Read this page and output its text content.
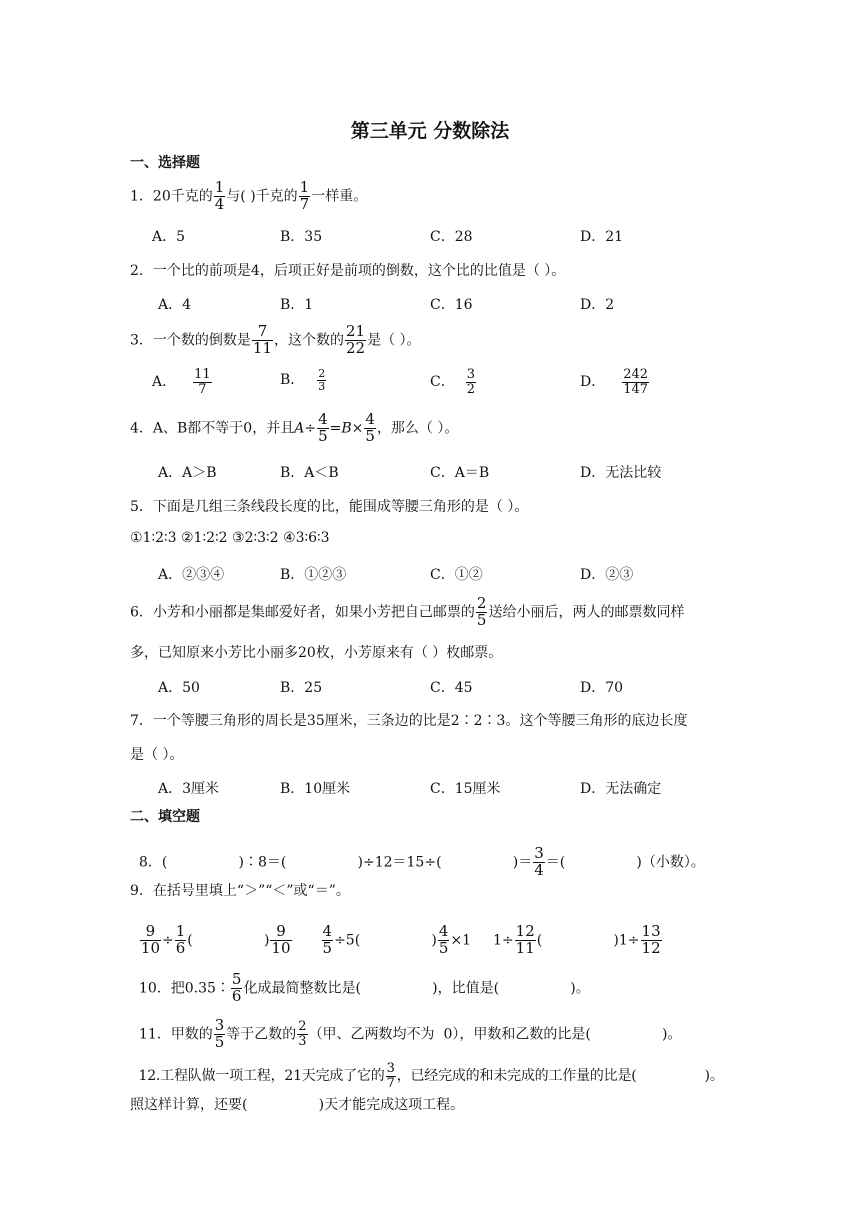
第三单元 分数除法
一、选择题
1．20千克的 $\frac{1}{4}$ 与( )千克的 $\frac{1}{7}$ 一样重。
A．5	B．35	C．28	D．21
2．一个比的前项是4，后项正好是前项的倒数，这个比的比值是（ ）。
A．4	B．1	C．16	D．2
3．一个数的倒数是 $\frac{7}{11}$ ，这个数的 $\frac{21}{22}$ 是（ ）。
A． $\frac{11}{7}$	B． $\frac{2}{3}$	C． $\frac{3}{2}$	D． $\frac{242}{147}$
4．A、B都不等于0，并且$A\div \frac{4}{5} =B\times \frac{4}{5}$ ，那么（ ）。
A．A＞B	B．A＜B	C．A＝B	D．无法比较
5．下面是几组三条线段长度的比，能围成等腰三角形的是（ ）。
①1∶2∶3 ②1∶2∶2 ③2∶3∶2 ④3∶6∶3
A．②③④	B．①②③	C．①②	D．②③
6．小芳和小丽都是集邮爱好者，如果小芳把自己邮票的 $\frac{2}{5}$ 送给小丽后，两人的邮票数同样
多，已知原来小芳比小丽多20枚，小芳原来有（ ）枚邮票。
A．50	B．25	C．45	D．70
7．一个等腰三角形的周长是35厘米，三条边的比是2∶2∶3。这个等腰三角形的底边长度
是（ ）。
A．3厘米	B．10厘米	C．15厘米	D．无法确定
二、填空题

8．(                )∶8＝(                )÷12＝15÷(                )＝ $\frac{3}{4}$ ＝(                )（小数）。

9．在括号里填上“＞”“＜”或“＝”。

$\frac{9}{10} \div \frac{1}{6}$ (                ) $\frac{9}{10} \frac{4}{5} \div 5$(                ) $\frac{4}{5} \times 1$ $1\div \frac{12}{11}$ (                )$1\div \frac{13}{12}$

10．把0.35∶ $\frac{5}{6}$ 化成最简整数比是(                )，比值是(                )。

11．甲数的 $\frac{3}{5}$ 等于乙数的 $\frac{2}{3}$ （甲、乙两数均不为  0），甲数和乙数的比是(                )。

12.工程队做一项工程，21天完成了它的 $\frac{3}{7}$ ，已经完成的和未完成的工作量的比是(                )。

照这样计算，还要(                )天才能完成这项工程。
